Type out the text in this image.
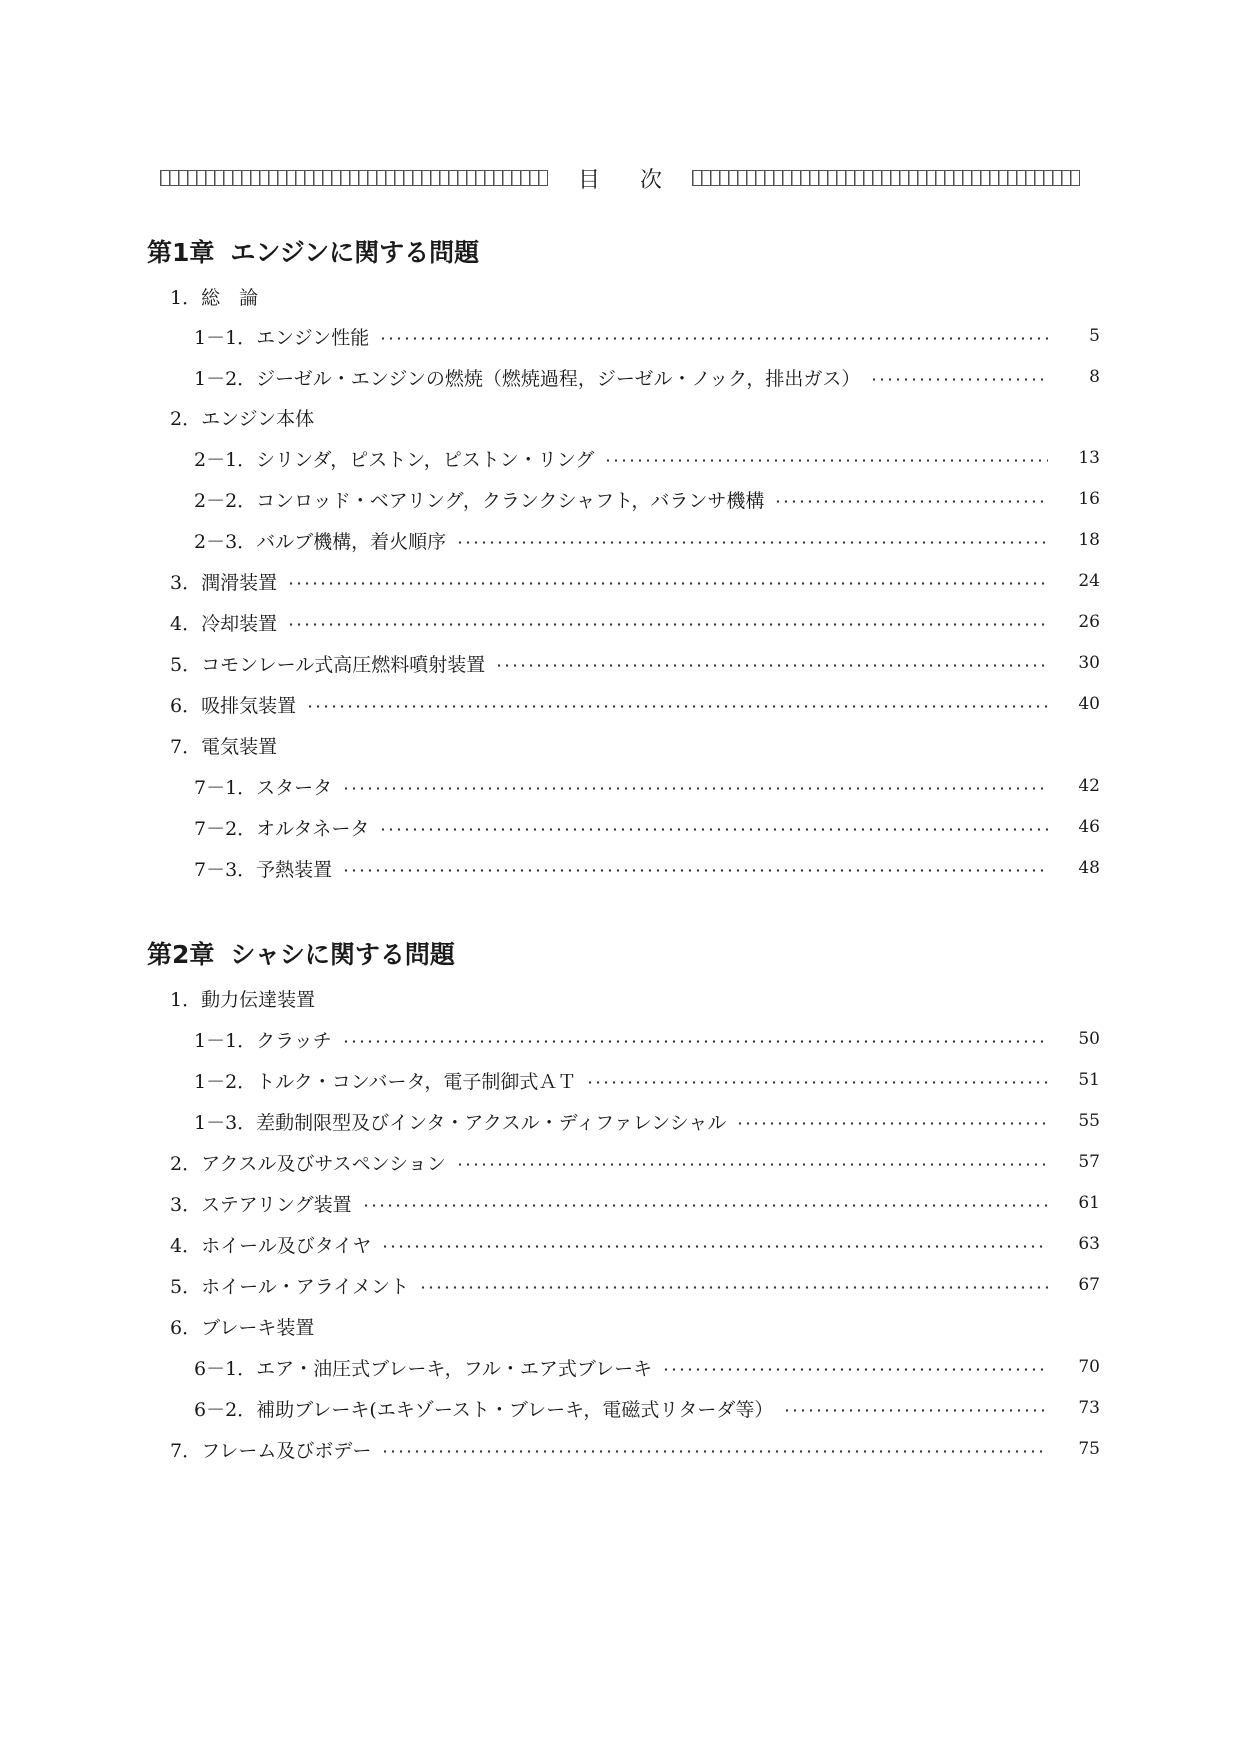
目次
第1章 エンジンに関する問題
1．総　論
1－1．エンジン性能	5
1－2．ジーゼル・エンジンの燃焼（燃焼過程，ジーゼル・ノック，排出ガス）	8
2．エンジン本体
2－1．シリンダ，ピストン，ピストン・リング	13
2－2．コンロッド・ベアリング，クランクシャフト，バランサ機構	16
2－3．バルブ機構，着火順序	18
3．潤滑装置	24
4．冷却装置	26
5．コモンレール式高圧燃料噴射装置	30
6．吸排気装置	40
7．電気装置
7－1．スタータ	42
7－2．オルタネータ	46
7－3．予熱装置	48
第2章 シャシに関する問題
1．動力伝達装置
1－1．クラッチ	50
1－2．トルク・コンバータ，電子制御式ＡＴ	51
1－3．差動制限型及びインタ・アクスル・ディファレンシャル	55
2．アクスル及びサスペンション	57
3．ステアリング装置	61
4．ホイール及びタイヤ	63
5．ホイール・アライメント	67
6．ブレーキ装置
6－1．エア・油圧式ブレーキ，フル・エア式ブレーキ	70
6－2．補助ブレーキ(エキゾースト・ブレーキ，電磁式リターダ等）	73
7．フレーム及びボデー	75
